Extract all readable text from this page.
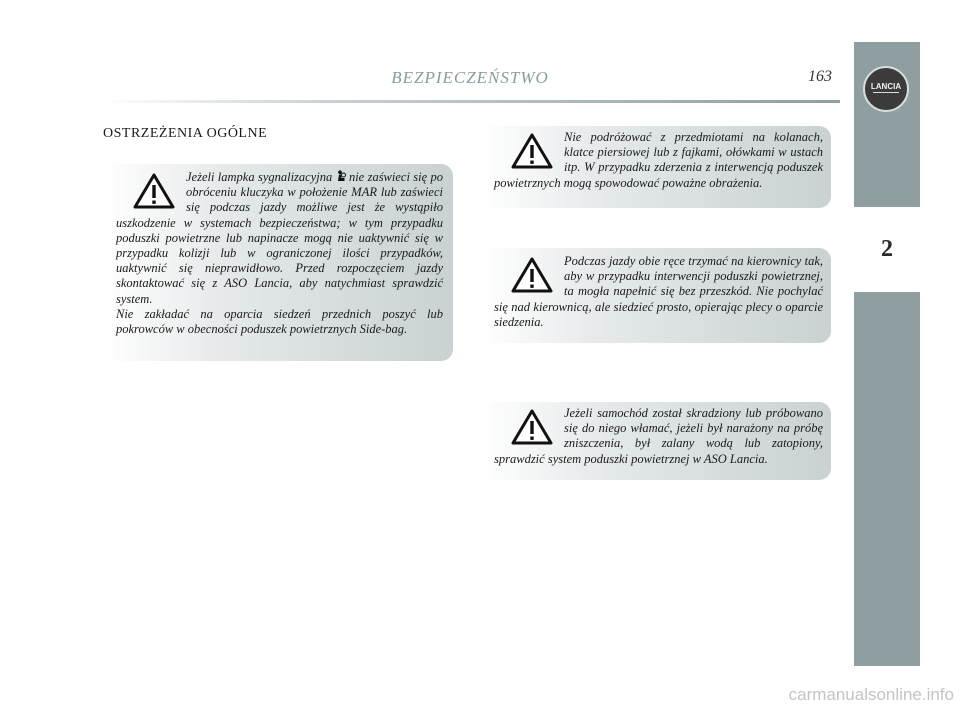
BEZPIECZEŃSTWO	163
LANCIA
2
OSTRZEŻENIA OGÓLNE

Jeżeli lampka sygnalizacyjna  nie zaświeci się po obróceniu kluczyka w położenie MAR lub zaświeci się podczas jazdy możliwe jest że wystąpiło uszkodzenie w systemach bezpieczeństwa; w tym przypadku poduszki powietrzne lub napinacze mogą nie uaktywnić się w przypadku kolizji lub w ograniczonej ilości przypadków, uaktywnić się nieprawidłowo. Przed rozpoczęciem jazdy skontaktować się z ASO Lancia, aby natychmiast sprawdzić system.

Nie zakładać na oparcia siedzeń przednich poszyć lub pokrowców w obecności poduszek powietrznych Side-bag.

Nie podróżować z przedmiotami na kolanach, klatce piersiowej lub z fajkami, ołówkami w ustach itp. W przypadku zderzenia z interwencją poduszek powietrznych mogą spowodować poważne obrażenia.

Podczas jazdy obie ręce trzymać na kierownicy tak, aby w przypadku interwencji poduszki powietrznej, ta mogła napełnić się bez przeszkód. Nie pochylać się nad kierownicą, ale siedzieć prosto, opierając plecy o oparcie siedzenia.

Jeżeli samochód został skradziony lub próbowano się do niego włamać, jeżeli był narażony na próbę zniszczenia, był zalany wodą lub zatopiony, sprawdzić system poduszki powietrznej w ASO Lancia.

carmanualsonline.info
